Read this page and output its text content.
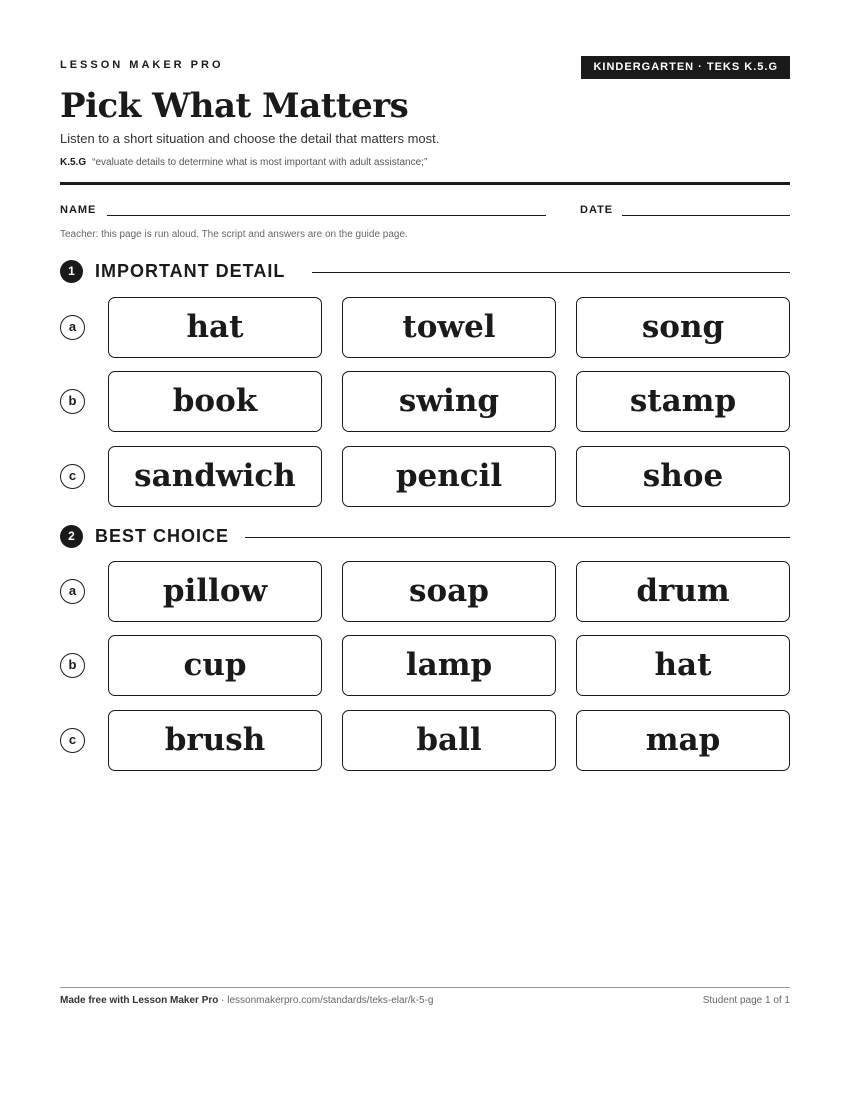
LESSON MAKER PRO	KINDERGARTEN · TEKS K.5.G
Pick What Matters
Listen to a short situation and choose the detail that matters most.
K.5.G “evaluate details to determine what is most important with adult assistance;”
NAME	DATE
Teacher: this page is run aloud. The script and answers are on the guide page.
1	IMPORTANT DETAIL
a	hat	towel	song
b	book	swing	stamp
c	sandwich	pencil	shoe
2	BEST CHOICE
a	pillow	soap	drum
b	cup	lamp	hat
c	brush	ball	map
Made free with Lesson Maker Pro · lessonmakerpro.com/standards/teks-elar/k-5-g	Student page 1 of 1
